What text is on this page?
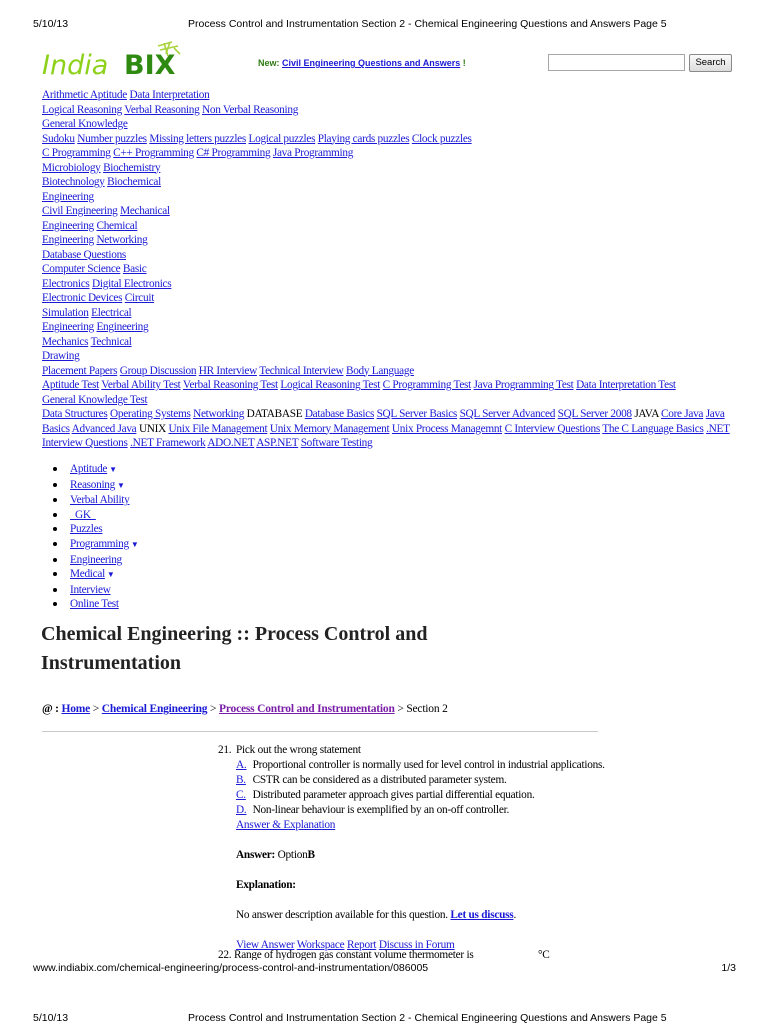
5/10/13	Process Control and Instrumentation Section 2 - Chemical Engineering Questions and Answers Page 5
India BIX	New: Civil Engineering Questions and Answers !	Search
Arithmetic Aptitude Data Interpretation
Logical Reasoning Verbal Reasoning Non Verbal Reasoning
General Knowledge
Sudoku Number puzzles Missing letters puzzles Logical puzzles Playing cards puzzles Clock puzzles
C Programming C++ Programming C# Programming Java Programming
Microbiology Biochemistry
Biotechnology Biochemical
Engineering
Civil Engineering Mechanical
Engineering Chemical
Engineering Networking
Database Questions
Computer Science Basic
Electronics Digital Electronics
Electronic Devices Circuit
Simulation Electrical
Engineering Engineering
Mechanics Technical
Drawing
Placement Papers Group Discussion HR Interview Technical Interview Body Language
Aptitude Test Verbal Ability Test Verbal Reasoning Test Logical Reasoning Test C Programming Test Java Programming Test Data Interpretation Test
General Knowledge Test
Data Structures Operating Systems Networking DATABASE Database Basics SQL Server Basics SQL Server Advanced SQL Server 2008 JAVA Core Java Java Basics Advanced Java UNIX Unix File Management Unix Memory Management Unix Process Managemnt C Interview Questions The C Language Basics .NET Interview Questions .NET Framework ADO.NET ASP.NET Software Testing
Aptitude ▼
Reasoning ▼
Verbal Ability
GK
Puzzles
Programming ▼
Engineering
Medical ▼
Interview
Online Test
Chemical Engineering :: Process Control and Instrumentation
@ : Home > Chemical Engineering > Process Control and Instrumentation > Section 2
21. Pick out the wrong statement
A. Proportional controller is normally used for level control in industrial applications.
B. CSTR can be considered as a distributed parameter system.
C. Distributed parameter approach gives partial differential equation.
D. Non-linear behaviour is exemplified by an on-off controller.
Answer & Explanation

Answer: OptionB

Explanation:

No answer description available for this question. Let us discuss.

View Answer Workspace Report Discuss in Forum

22. Range of hydrogen gas constant volume thermometer is	°C
www.indiabix.com/chemical-engineering/process-control-and-instrumentation/086005	1/3
5/10/13	Process Control and Instrumentation Section 2 - Chemical Engineering Questions and Answers Page 5
